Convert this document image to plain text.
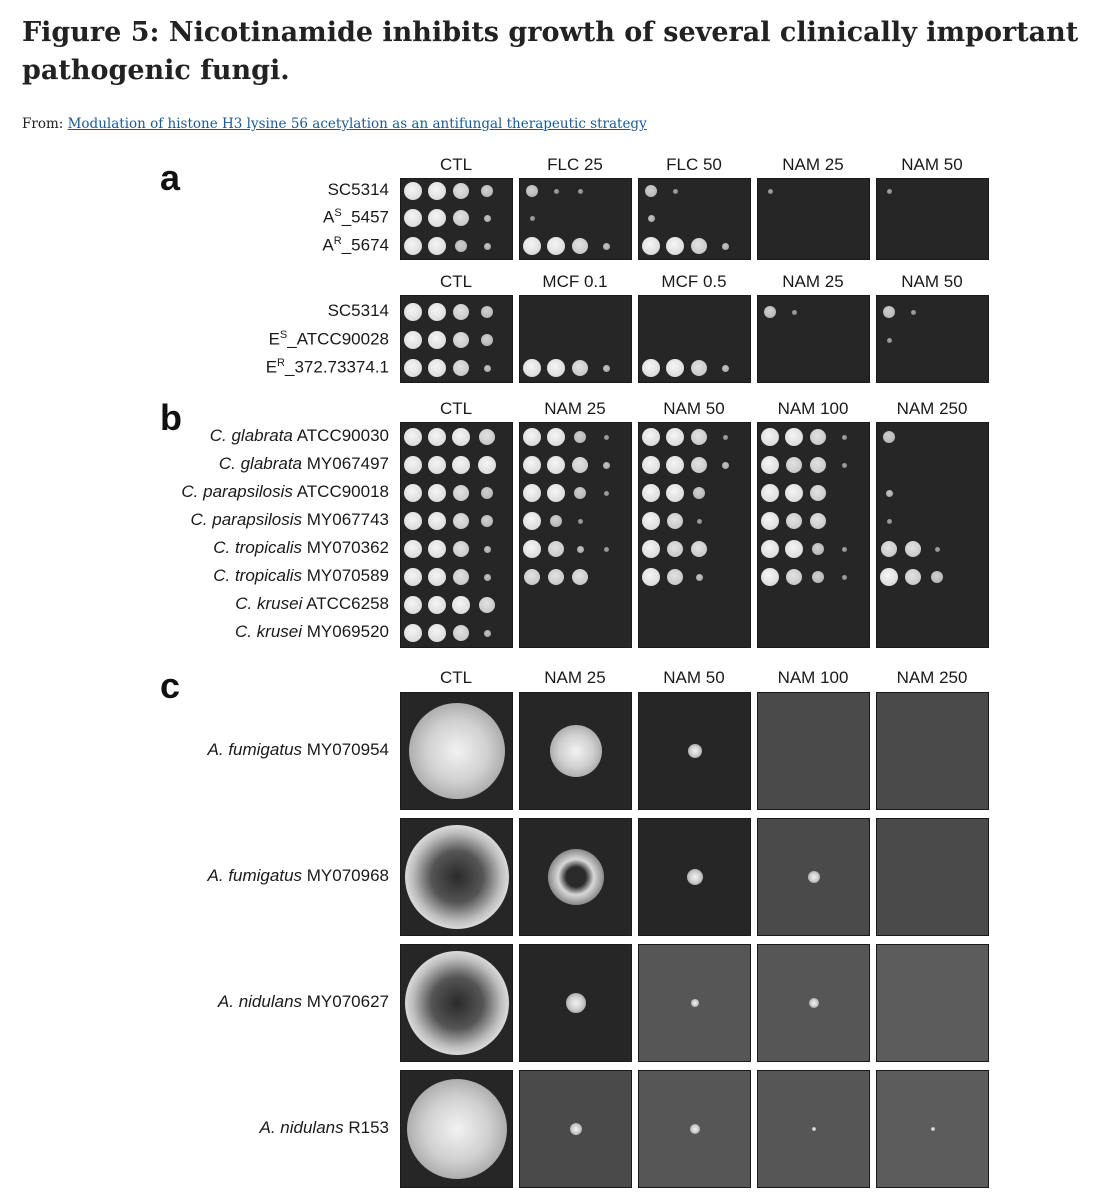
Figure 5: Nicotinamide inhibits growth of several clinically important pathogenic fungi.
From: Modulation of histone H3 lysine 56 acetylation as an antifungal therapeutic strategy
a	CTL	FLC 25	FLC 50	NAM 25	NAM 50
SC5314
$A^S\_5457$
$A^R\_5674$
CTL	MCF 0.1	MCF 0.5	NAM 25	NAM 50
SC5314
$E^S\_ATCC90028$
$E^R\_372.73374.1$
b	CTL	NAM 25	NAM 50	NAM 100	NAM 250
C. glabrata ATCC90030
C. glabrata MY067497
C. parapsilosis ATCC90018
C. parapsilosis MY067743
C. tropicalis MY070362
C. tropicalis MY070589
C. krusei ATCC6258
C. krusei MY069520
c	CTL	NAM 25	NAM 50	NAM 100	NAM 250
A. fumigatus MY070954
A. fumigatus MY070968
A. nidulans MY070627
A. nidulans R153
